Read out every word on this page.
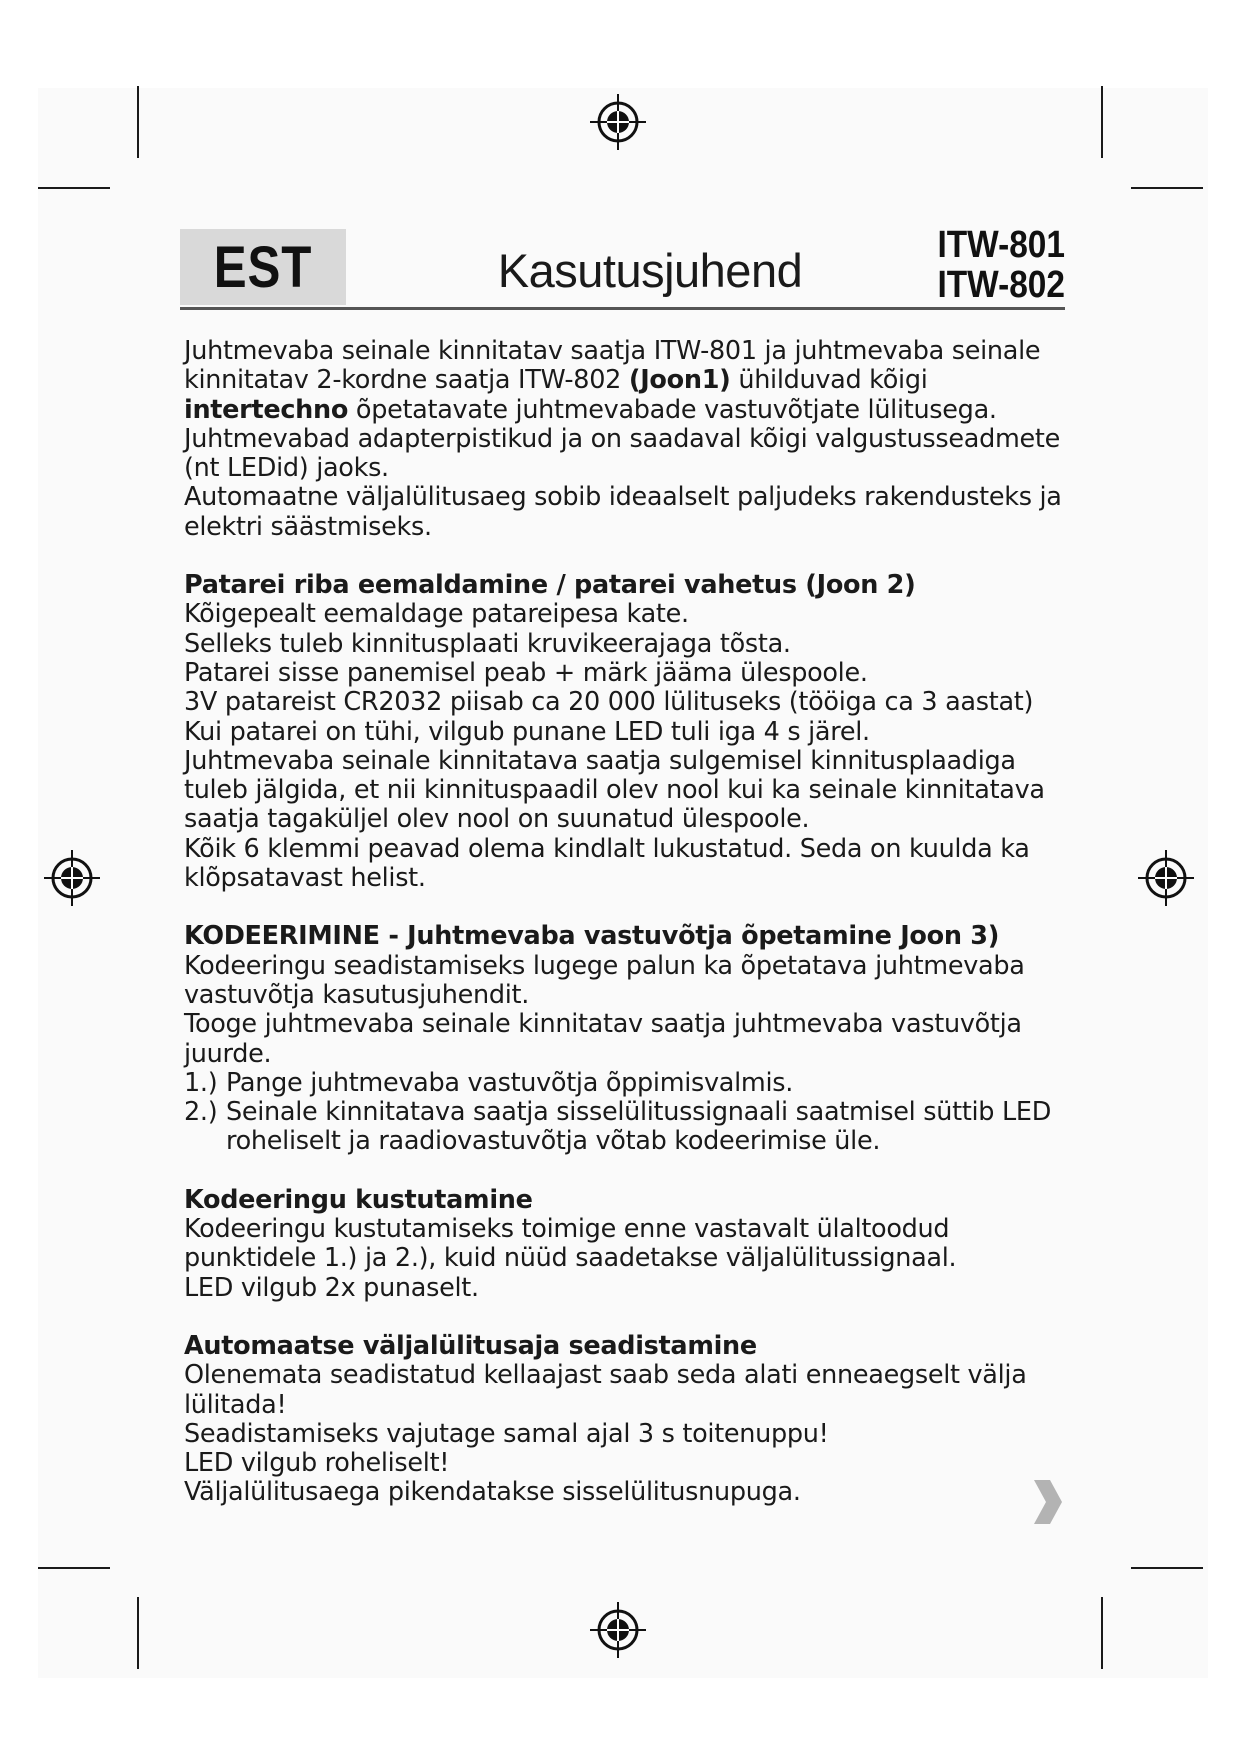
EST	Kasutusjuhend	ITW-801
ITW-802

Juhtmevaba seinale kinnitatav saatja ITW-801 ja juhtmevaba seinale kinnitatav 2-kordne saatja ITW-802 (Joon1) ühilduvad kõigi intertechno õpetatavate juhtmevabade vastuvõtjate lülitusega.

Juhtmevabad adapterpistikud ja on saadaval kõigi valgustusseadmete (nt LEDid) jaoks.

Automaatne väljalülitusaeg sobib ideaalselt paljudeks rakendusteks ja elektri säästmiseks.

Patarei riba eemaldamine / patarei vahetus (Joon 2)

Kõigepealt eemaldage patareipesa kate.

Selleks tuleb kinnitusplaati kruvikeerajaga tõsta.

Patarei sisse panemisel peab + märk jääma ülespoole.

3V patareist CR2032 piisab ca 20 000 lülituseks (tööiga ca 3 aastat)

Kui patarei on tühi, vilgub punane LED tuli iga 4 s järel.

Juhtmevaba seinale kinnitatava saatja sulgemisel kinnitusplaadiga tuleb jälgida, et nii kinnituspaadil olev nool kui ka seinale kinnitatava saatja tagaküljel olev nool on suunatud ülespoole.

Kõik 6 klemmi peavad olema kindlalt lukustatud. Seda on kuulda ka klõpsatavast helist.

KODEERIMINE - Juhtmevaba vastuvõtja õpetamine Joon 3)

Kodeeringu seadistamiseks lugege palun ka õpetatava juhtmevaba vastuvõtja kasutusjuhendit.

Tooge juhtmevaba seinale kinnitatav saatja juhtmevaba vastuvõtja juurde.

1.) Pange juhtmevaba vastuvõtja õppimisvalmis.
2.) Seinale kinnitatava saatja sisselülitussignaali saatmisel süttib LED roheliselt ja raadiovastuvõtja võtab kodeerimise üle.

Kodeeringu kustutamine

Kodeeringu kustutamiseks toimige enne vastavalt ülaltoodud punktidele 1.) ja 2.), kuid nüüd saadetakse väljalülitussignaal.

LED vilgub 2x punaselt.

Automaatse väljalülitusaja seadistamine

Olenemata seadistatud kellaajast saab seda alati enneaegselt välja lülitada!

Seadistamiseks vajutage samal ajal 3 s toitenuppu!

LED vilgub roheliselt!

Väljalülitusaega pikendatakse sisselülitusnupuga.
